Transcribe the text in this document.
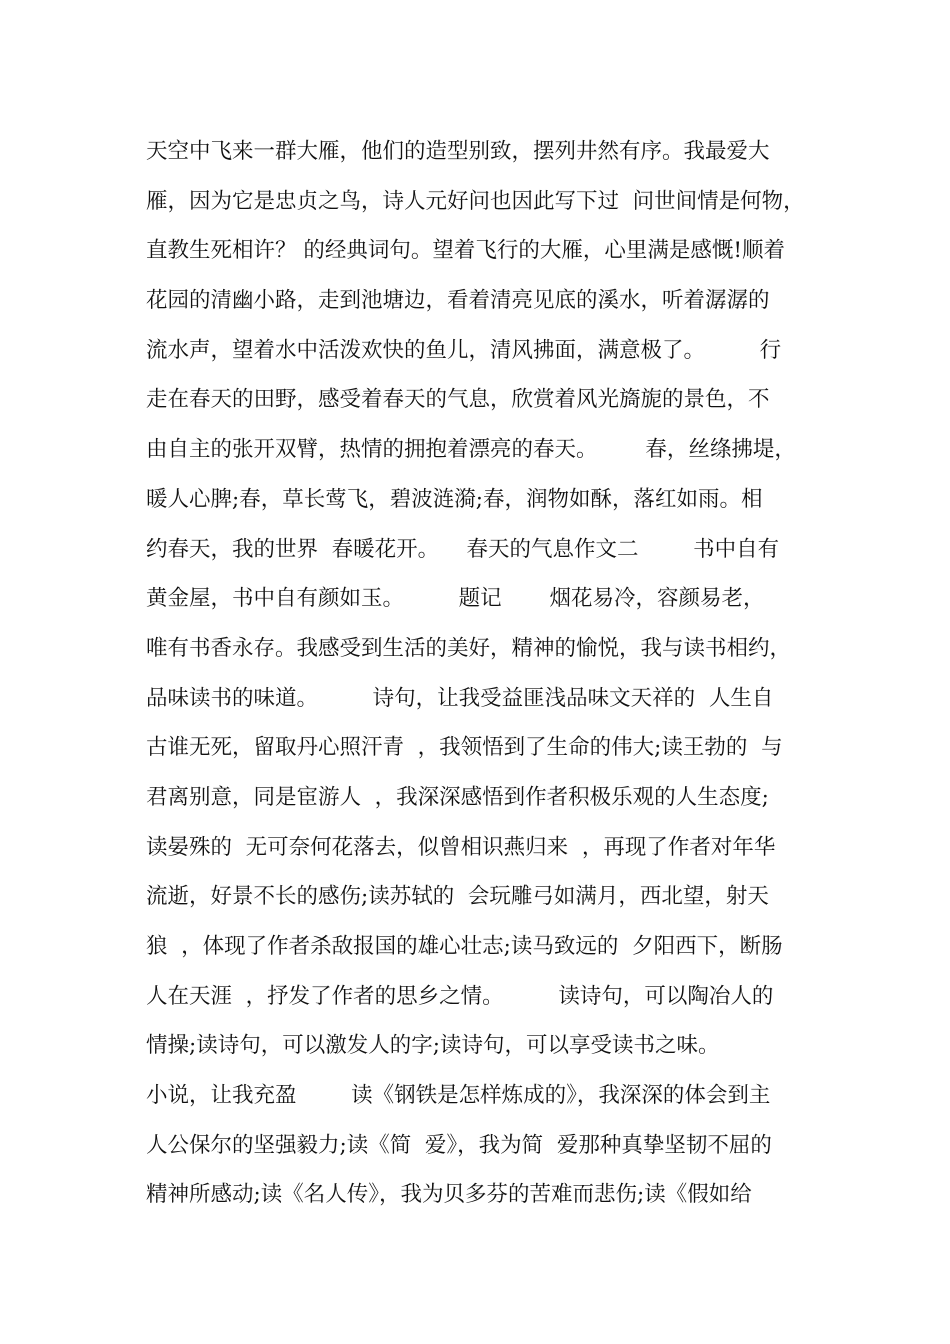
天空中飞来一群大雁，他们的造型别致，摆列井然有序。我最爱大
雁，因为它是忠贞之鸟，诗人元好问也因此写下过  问世间情是何物，
直教生死相许？ 的经典词句。望着飞行的大雁，心里满是感慨!顺着
花园的清幽小路，走到池塘边，看着清亮见底的溪水，听着潺潺的
流水声，望着水中活泼欢快的鱼儿，清风拂面，满意极了。        行
走在春天的田野，感受着春天的气息，欣赏着风光旖旎的景色，不
由自主的张开双臂，热情的拥抱着漂亮的春天。       春，丝绦拂堤，
暖人心脾;春，草长莺飞，碧波涟漪;春，润物如酥，落红如雨。相
约春天，我的世界  春暖花开。    春天的气息作文二        书中自有
黄金屋，书中自有颜如玉。        题记       烟花易冷，容颜易老，
唯有书香永存。我感受到生活的美好，精神的愉悦，我与读书相约，
品味读书的味道。        诗句，让我受益匪浅品味文天祥的  人生自
古谁无死，留取丹心照汗青  ，我领悟到了生命的伟大;读王勃的  与
君离别意，同是宦游人  ，我深深感悟到作者积极乐观的人生态度;
读晏殊的  无可奈何花落去，似曾相识燕归来  ，再现了作者对年华
流逝，好景不长的感伤;读苏轼的  会玩雕弓如满月，西北望，射天
狼  ，体现了作者杀敌报国的雄心壮志;读马致远的  夕阳西下，断肠
人在天涯  ，抒发了作者的思乡之情。        读诗句，可以陶冶人的
情操;读诗句，可以激发人的字;读诗句，可以享受读书之味。
小说，让我充盈        读《钢铁是怎样炼成的》，我深深的体会到主
人公保尔的坚强毅力;读《简  爱》，我为简  爱那种真挚坚韧不屈的
精神所感动;读《名人传》，我为贝多芬的苦难而悲伤;读《假如给
